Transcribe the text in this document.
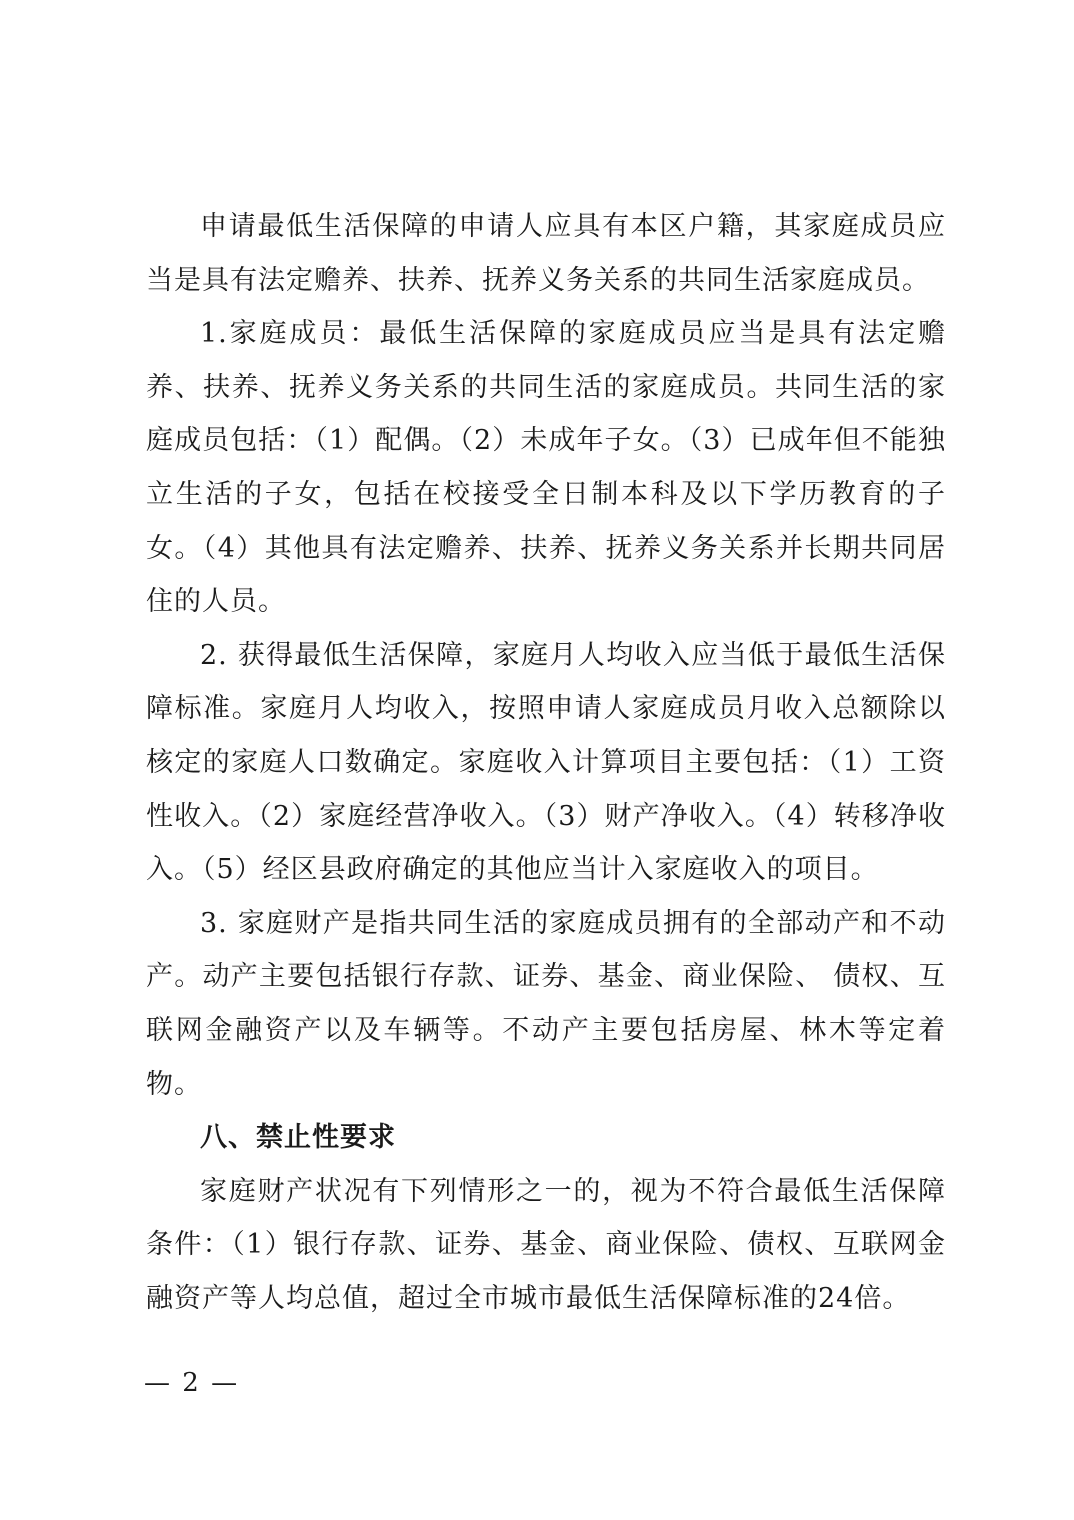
申请最低生活保障的申请人应具有本区户籍，其家庭成员应当是具有法定赡养、扶养、抚养义务关系的共同生活家庭成员。

1.家庭成员：最低生活保障的家庭成员应当是具有法定赡养、扶养、抚养义务关系的共同生活的家庭成员。共同生活的家庭成员包括：（1）配偶。（2）未成年子女。（3）已成年但不能独立生活的子女，包括在校接受全日制本科及以下学历教育的子女。（4）其他具有法定赡养、扶养、抚养义务关系并长期共同居住的人员。

2. 获得最低生活保障，家庭月人均收入应当低于最低生活保障标准。家庭月人均收入，按照申请人家庭成员月收入总额除以核定的家庭人口数确定。家庭收入计算项目主要包括：（1）工资性收入。（2）家庭经营净收入。（3）财产净收入。（4）转移净收入。（5）经区县政府确定的其他应当计入家庭收入的项目。

3. 家庭财产是指共同生活的家庭成员拥有的全部动产和不动产。动产主要包括银行存款、证券、基金、商业保险、 债权、互联网金融资产以及车辆等。不动产主要包括房屋、林木等定着物。

八、禁止性要求

家庭财产状况有下列情形之一的，视为不符合最低生活保障条件：（1）银行存款、证券、基金、商业保险、债权、互联网金融资产等人均总值，超过全市城市最低生活保障标准的24倍。

— 2 —
